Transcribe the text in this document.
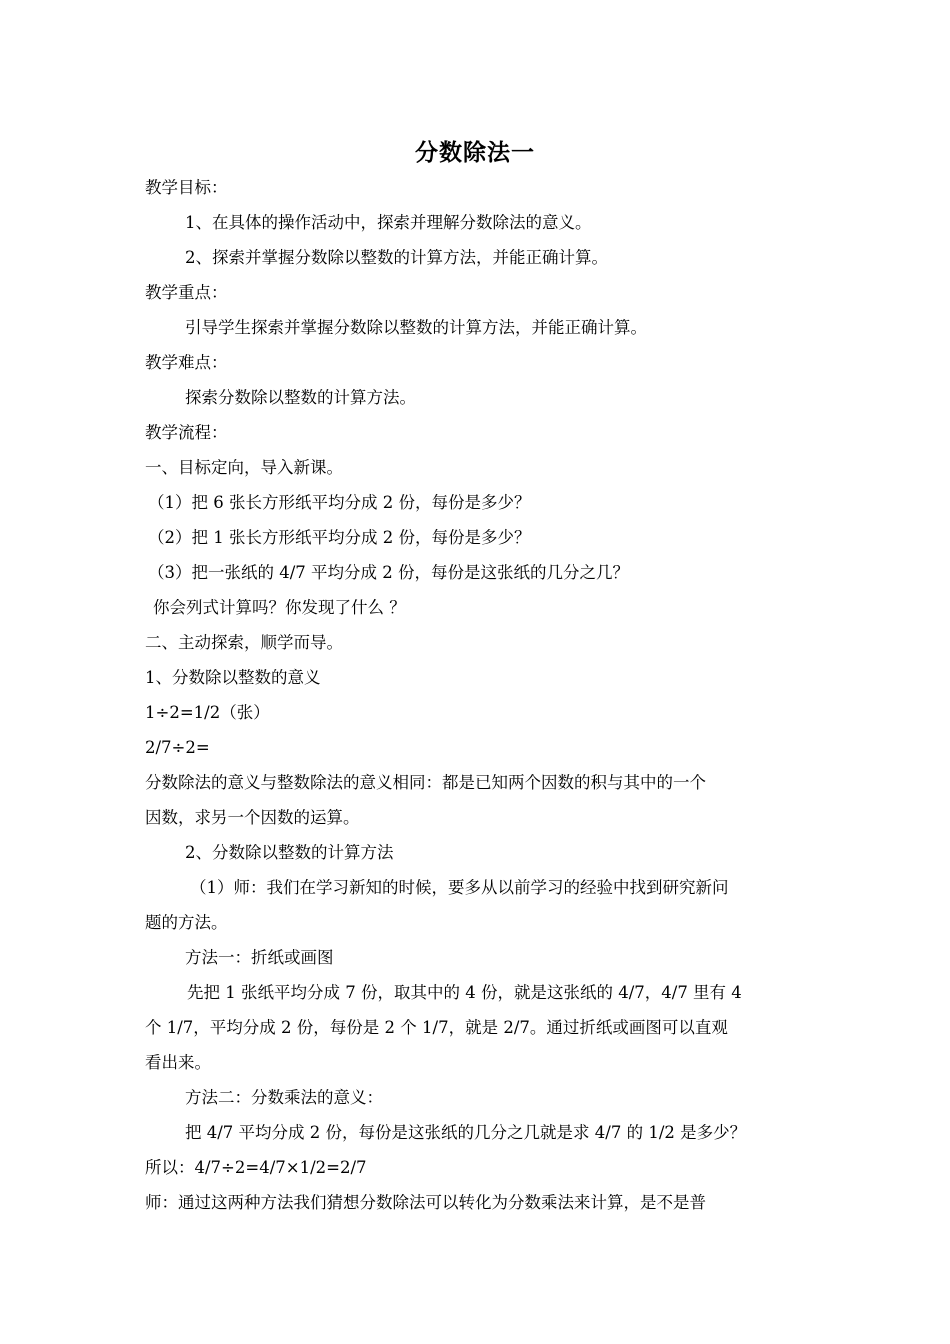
分数除法一
教学目标：
1、在具体的操作活动中，探索并理解分数除法的意义。
2、探索并掌握分数除以整数的计算方法，并能正确计算。
教学重点：
引导学生探索并掌握分数除以整数的计算方法，并能正确计算。
教学难点：
探索分数除以整数的计算方法。
教学流程：
一、目标定向，导入新课。
（1）把 6 张长方形纸平均分成 2 份，每份是多少？
（2）把 1 张长方形纸平均分成 2 份，每份是多少？
（3）把一张纸的 4/7 平均分成 2 份，每份是这张纸的几分之几？
你会列式计算吗？你发现了什么 ？
二、主动探索，顺学而导。
1、分数除以整数的意义
1÷2=1/2（张）
2/7÷2=
分数除法的意义与整数除法的意义相同：都是已知两个因数的积与其中的一个
因数，求另一个因数的运算。
2、分数除以整数的计算方法
（1）师：我们在学习新知的时候，要多从以前学习的经验中找到研究新问
题的方法。
方法一：折纸或画图
先把 1 张纸平均分成 7 份，取其中的 4 份，就是这张纸的 4/7，4/7 里有 4
个 1/7，平均分成 2 份，每份是 2 个 1/7，就是 2/7。通过折纸或画图可以直观
看出来。
方法二：分数乘法的意义：
把 4/7 平均分成 2 份，每份是这张纸的几分之几就是求 4/7 的 1/2 是多少？
所以：4/7÷2=4/7×1/2=2/7
师：通过这两种方法我们猜想分数除法可以转化为分数乘法来计算，是不是普
